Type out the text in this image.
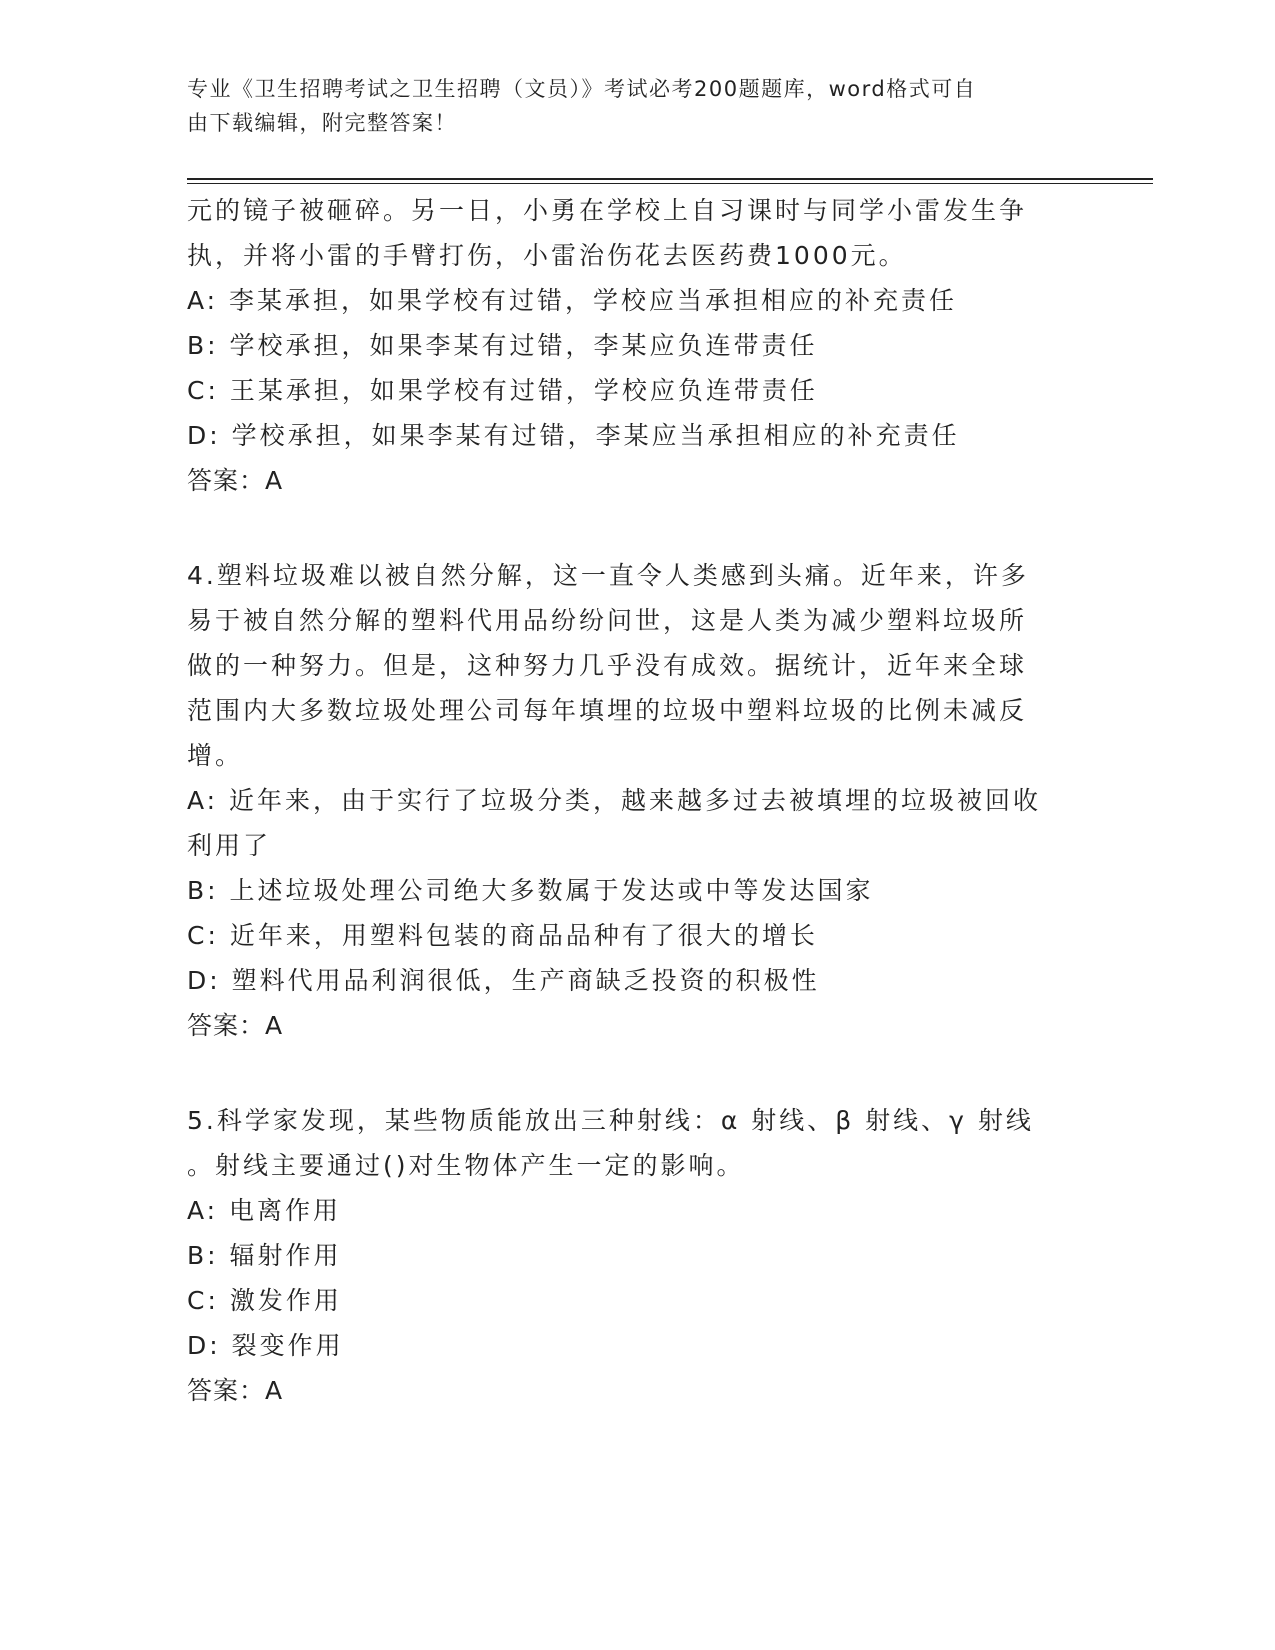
专业《卫生招聘考试之卫生招聘（文员）》考试必考200题题库，word格式可自
由下载编辑，附完整答案！
元的镜子被砸碎。另一日，小勇在学校上自习课时与同学小雷发生争
执，并将小雷的手臂打伤，小雷治伤花去医药费1000元。
A: 李某承担，如果学校有过错，学校应当承担相应的补充责任
B: 学校承担，如果李某有过错，李某应负连带责任
C: 王某承担，如果学校有过错，学校应负连带责任
D: 学校承担，如果李某有过错，李某应当承担相应的补充责任
答案：A
4.塑料垃圾难以被自然分解，这一直令人类感到头痛。近年来，许多
易于被自然分解的塑料代用品纷纷问世，这是人类为减少塑料垃圾所
做的一种努力。但是，这种努力几乎没有成效。据统计，近年来全球
范围内大多数垃圾处理公司每年填埋的垃圾中塑料垃圾的比例未减反
增。
A: 近年来，由于实行了垃圾分类，越来越多过去被填埋的垃圾被回收
利用了
B: 上述垃圾处理公司绝大多数属于发达或中等发达国家
C: 近年来，用塑料包装的商品品种有了很大的增长
D: 塑料代用品利润很低，生产商缺乏投资的积极性
答案：A
5.科学家发现，某些物质能放出三种射线：α 射线、β 射线、γ 射线
。射线主要通过()对生物体产生一定的影响。
A: 电离作用
B: 辐射作用
C: 激发作用
D: 裂变作用
答案：A
